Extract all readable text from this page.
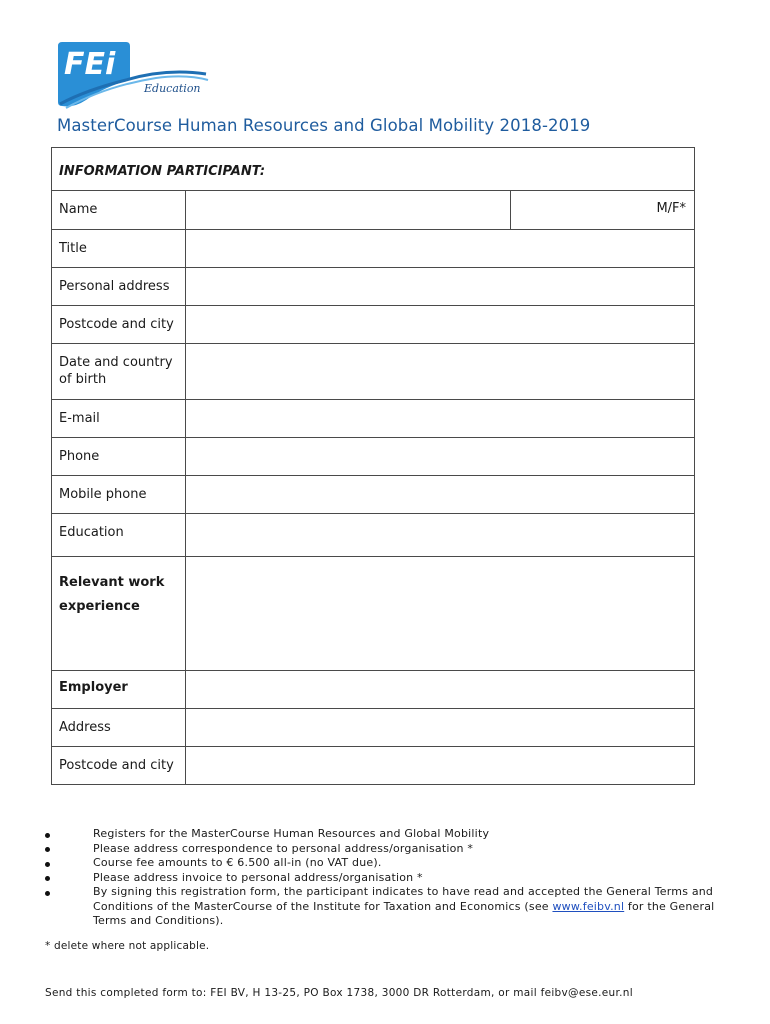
FEi
Education
MasterCourse Human Resources and Global Mobility 2018-2019
INFORMATION PARTICIPANT:		
Name		M/F*
Title	

Personal address	

Postcode and city	

Date and country of birth	

E-mail	

Phone	

Mobile phone	

Education	

Relevant work experience	

Employer	

Address	

Postcode and city	
Registers for the MasterCourse Human Resources and Global Mobility
Please address correspondence to personal address/organisation *
Course fee amounts to € 6.500 all-in (no VAT due).
Please address invoice to personal address/organisation *
By signing this registration form, the participant indicates to have read and accepted the General Terms and Conditions of the MasterCourse of the Institute for Taxation and Economics (see www.feibv.nl for the General Terms and Conditions).
* delete where not applicable.
Send this completed form to: FEI BV, H 13-25, PO Box 1738, 3000 DR Rotterdam, or mail feibv@ese.eur.nl
